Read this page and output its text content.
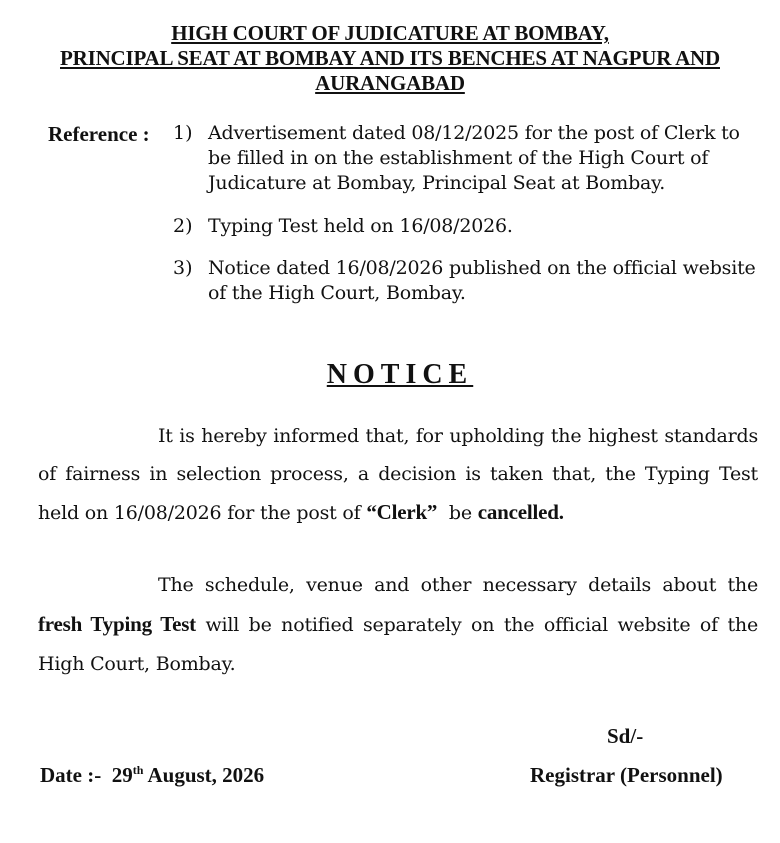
HIGH COURT OF JUDICATURE AT BOMBAY,
PRINCIPAL SEAT AT BOMBAY AND ITS BENCHES AT NAGPUR AND
AURANGABAD
Reference : 1) Advertisement dated 08/12/2025 for the post of Clerk to be filled in on the establishment of the High Court of Judicature at Bombay, Principal Seat at Bombay.
2) Typing Test held on 16/08/2026.
3) Notice dated 16/08/2026 published on the official website of the High Court, Bombay.
NOTICE
It is hereby informed that, for upholding the highest standards of fairness in selection process, a decision is taken that, the Typing Test held on 16/08/2026 for the post of “Clerk”  be cancelled.
The schedule, venue and other necessary details about the fresh Typing Test will be notified separately on the official website of the High Court, Bombay.
Sd/-
Date :- 29th August, 2026	Registrar (Personnel)
